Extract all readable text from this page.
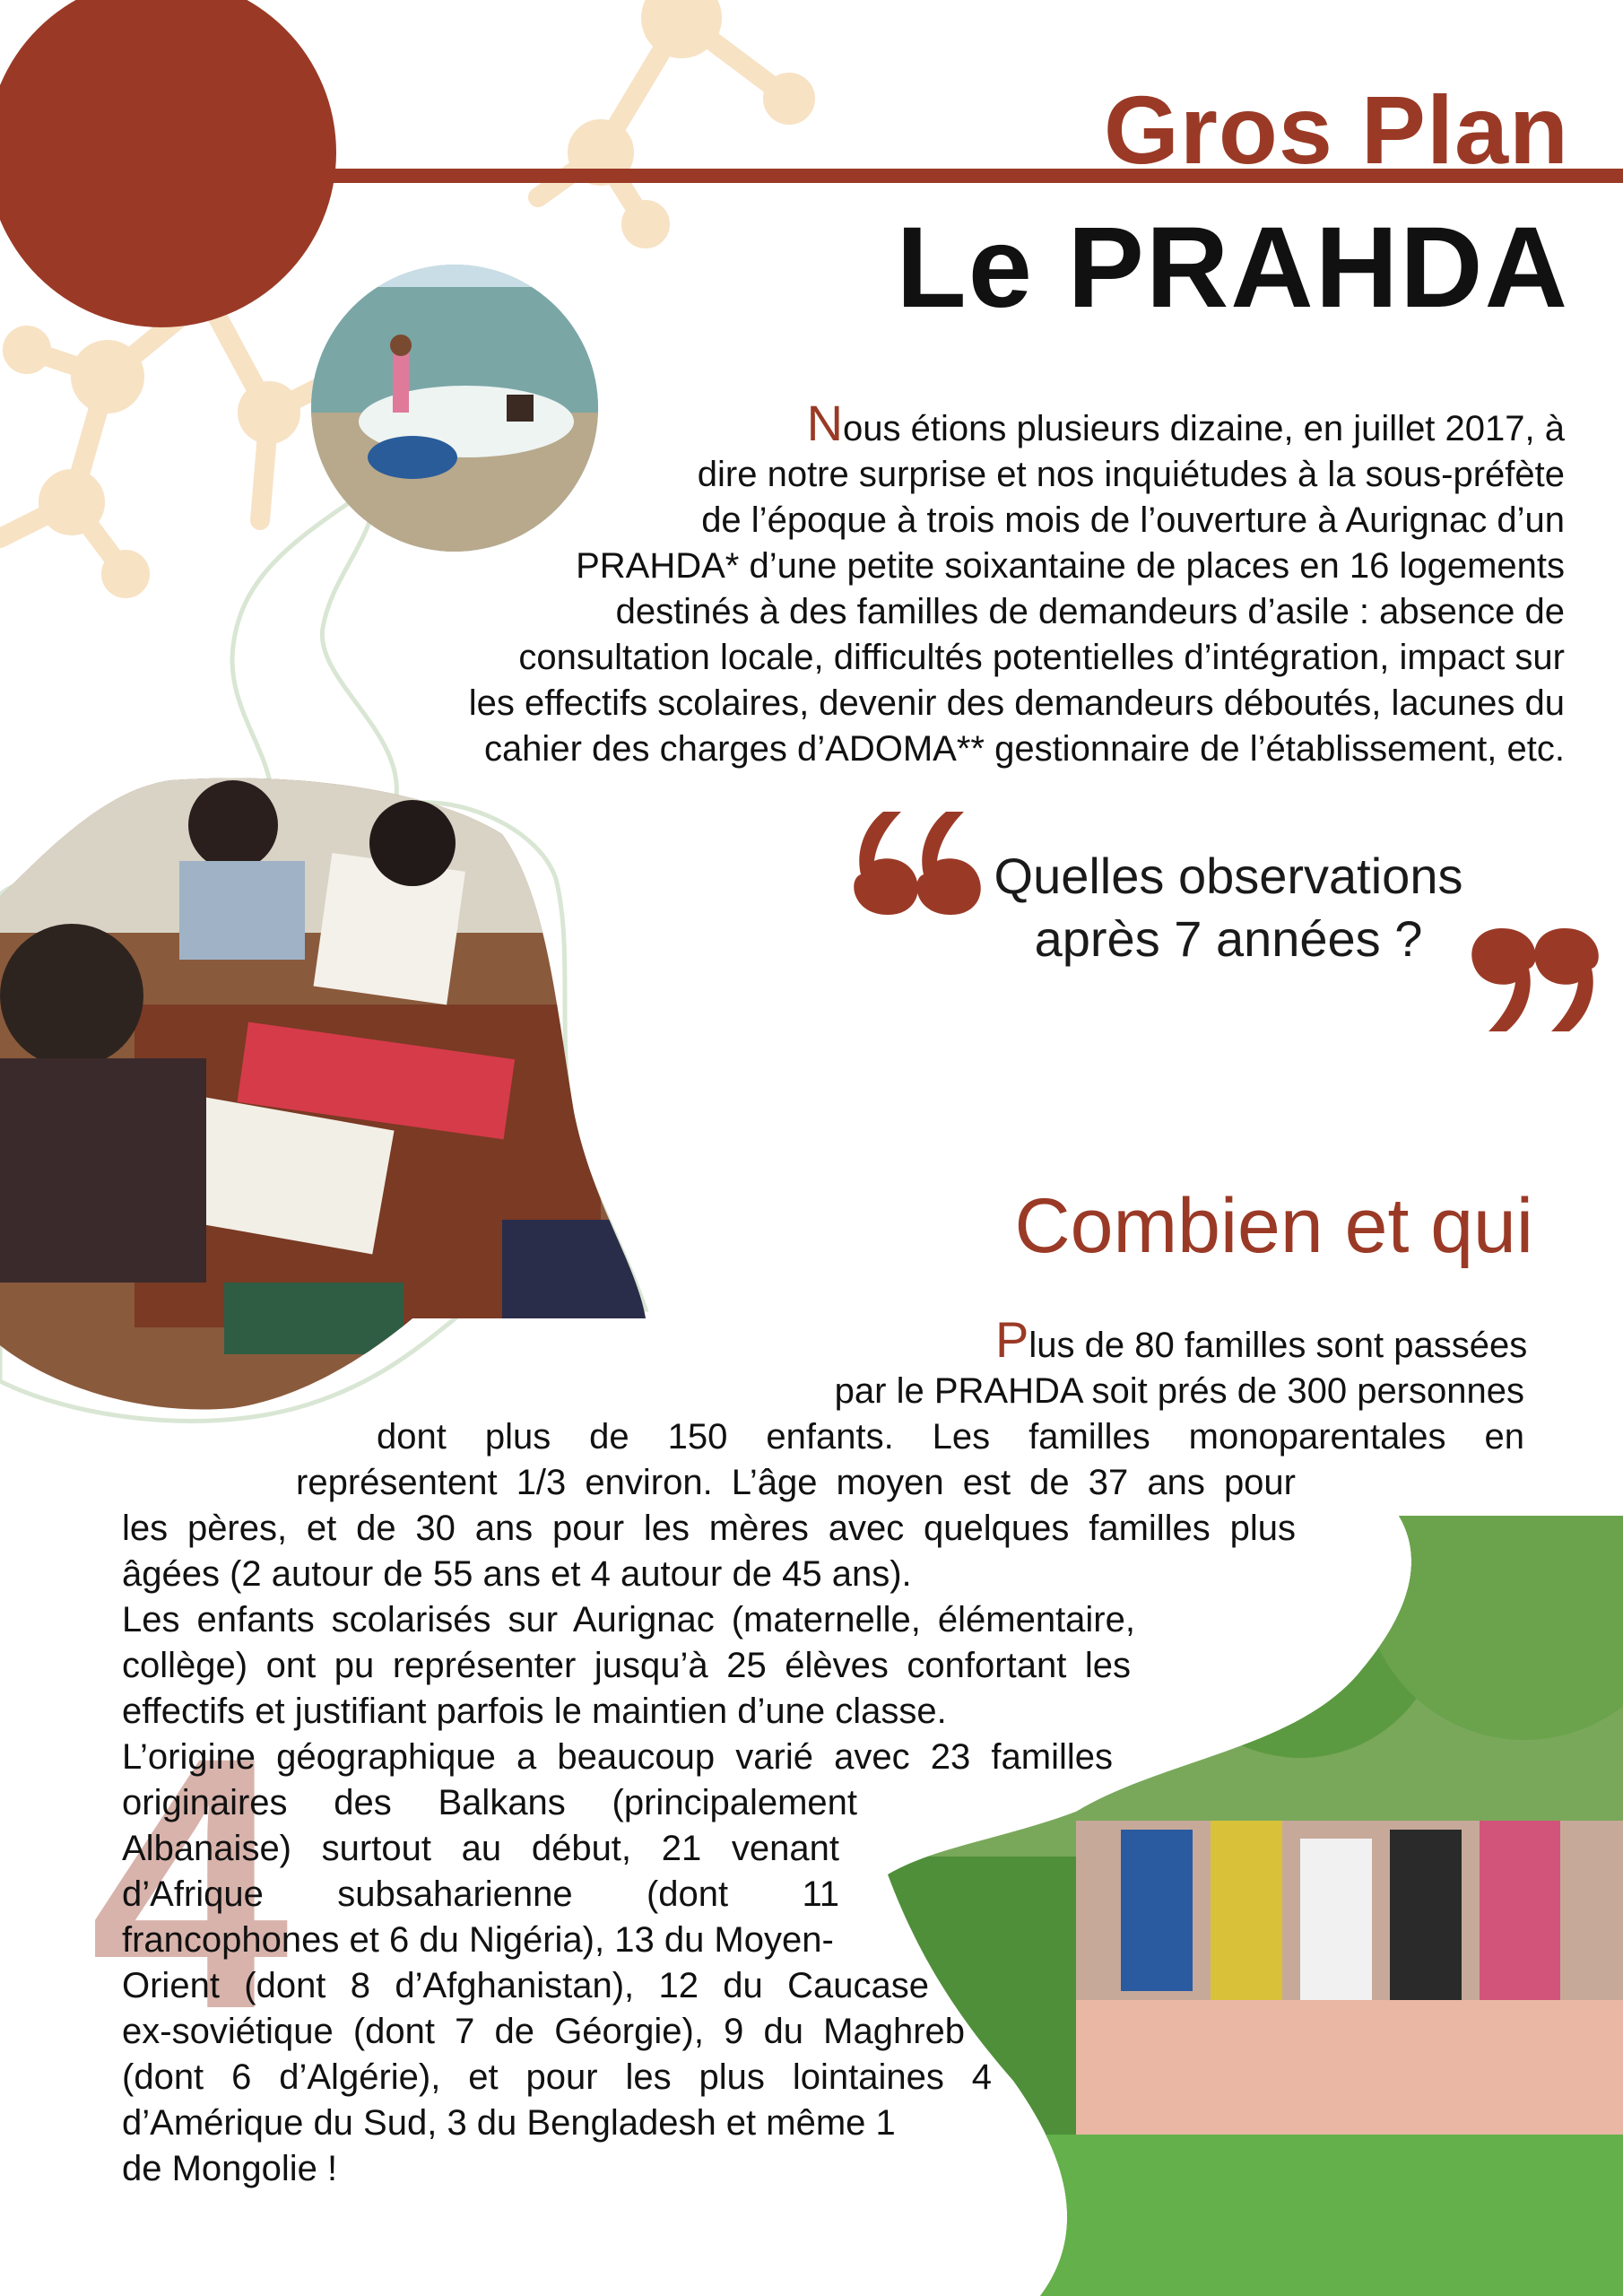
Gros Plan
Le PRAHDA
Nous étions plusieurs dizaine, en juillet 2017, à
dire notre surprise et nos inquiétudes à la sous-préfète
de l’époque à trois mois de l’ouverture à Aurignac d’un
PRAHDA* d’une petite soixantaine de places en 16 logements
destinés à des familles de demandeurs d’asile : absence de
consultation locale, difficultés potentielles d’intégration, impact sur
les effectifs scolaires, devenir des demandeurs déboutés, lacunes du
cahier des charges d’ADOMA** gestionnaire de l’établissement, etc.
Quelles observations
après 7 années ?
Combien et qui
4
Plus de 80 familles sont passées
par le PRAHDA soit prés de 300 personnes
dont plus de 150 enfants. Les familles monoparentales en
représentent 1/3 environ. L’âge moyen est de 37 ans pour
les pères, et de 30 ans pour les mères avec quelques familles plus
âgées (2 autour de 55 ans et 4 autour de 45 ans).
Les enfants scolarisés sur Aurignac (maternelle, élémentaire,
collège) ont pu représenter jusqu’à 25 élèves confortant les
effectifs et justifiant parfois le maintien d’une classe.
L’origine géographique a beaucoup varié avec 23 familles
originaires des Balkans (principalement
Albanaise) surtout au début, 21 venant
d’Afrique subsaharienne (dont 11
francophones et 6 du Nigéria), 13 du Moyen-
Orient (dont 8 d’Afghanistan), 12 du Caucase
ex-soviétique (dont 7 de Géorgie), 9 du Maghreb
(dont 6 d’Algérie), et pour les plus lointaines 4
d’Amérique du Sud, 3 du Bengladesh et même 1
de Mongolie !
